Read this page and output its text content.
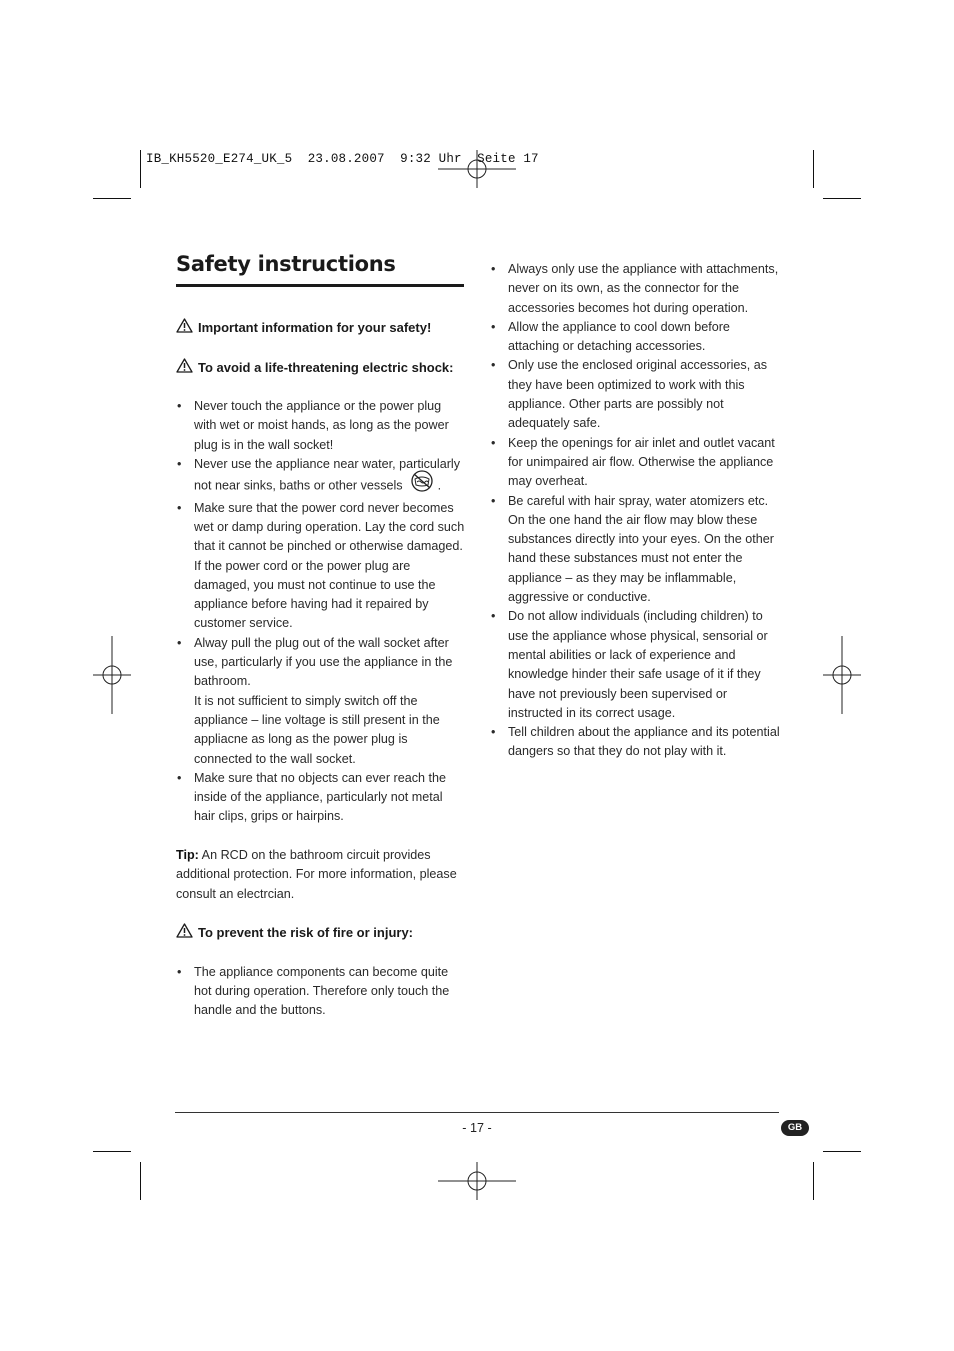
IB_KH5520_E274_UK_5  23.08.2007  9:32 Uhr  Seite 17
Safety instructions
Important information for your safety!
To avoid a life-threatening electric shock:
• Never touch the appliance or the power plug with wet or moist hands, as long as the power plug is in the wall socket!
• Never use the appliance near water, particularly not near sinks, baths or other vessels	.
• Make sure that the power cord never becomes wet or damp during operation. Lay the cord such that it cannot be pinched or otherwise damaged. If the power cord or the power plug are damaged, you must not continue to use the appliance before having had it repaired by customer service.
• Alway pull the plug out of the wall socket after use, particularly if you use the appliance in the bathroom.
It is not sufficient to simply switch off the appliance – line voltage is still present in the appliacne as long as the power plug is connected to the wall socket.
• Make sure that no objects can ever reach the inside of the appliance, particularly not metal hair clips, grips or hairpins.
Tip: An RCD on the bathroom circuit provides additional protection. For more information, please consult an electrcian.
To prevent the risk of fire or injury:
• The appliance components can become quite hot during operation. Therefore only touch the handle and the buttons.
• Always only use the appliance with attachments, never on its own, as the connector for the accessories becomes hot during operation.
• Allow the appliance to cool down before attaching or detaching accessories.
• Only use the enclosed original accessories, as they have been optimized to work with this appliance. Other parts are possibly not adequately safe.
• Keep the openings for air inlet and outlet vacant for unimpaired air flow. Otherwise the appliance may overheat.
• Be careful with hair spray, water atomizers etc. On the one hand the air flow may blow these substances directly into your eyes. On the other hand these substances must not enter the appliance – as they may be inflammable, aggressive or conductive.
• Do not allow individuals (including children) to use the appliance whose physical, sensorial or mental abilities or lack of experience and knowledge hinder their safe usage of it if they have not previously been supervised or instructed in its correct usage.
• Tell children about the appliance and its potential dangers so that they do not play with it.
- 17 -	GB
